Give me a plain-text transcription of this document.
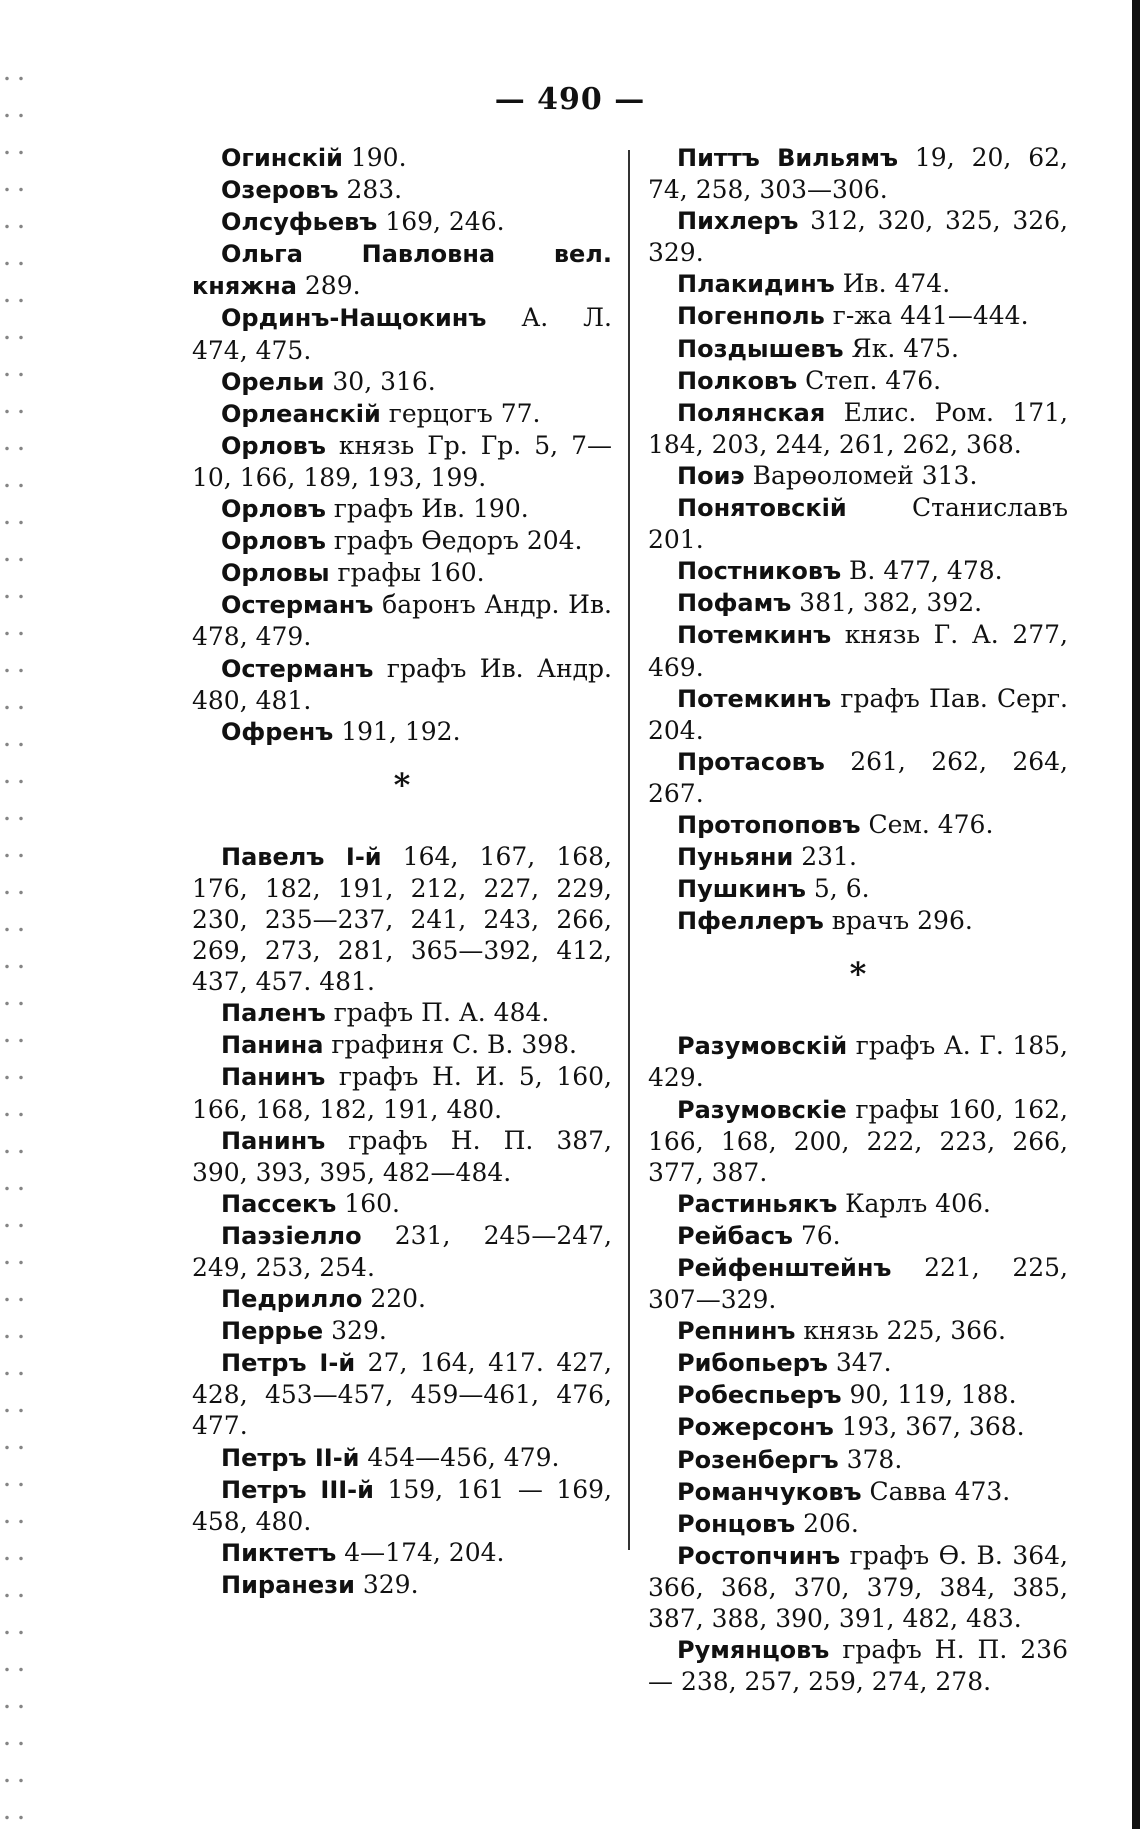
— 490 —
Огинскій 190.
Озеровъ 283.
Олсуфьевъ 169, 246.
Ольга Павловна вел. княжна 289.
Ординъ-Нащокинъ А. Л. 474, 475.
Орельи 30, 316.
Орлеанскій герцогъ 77.
Орловъ князь Гр. Гр. 5, 7—10, 166, 189, 193, 199.
Орловъ графъ Ив. 190.
Орловъ графъ Өедоръ 204.
Орловы графы 160.
Остерманъ баронъ Андр. Ив. 478, 479.
Остерманъ графъ Ив. Андр. 480, 481.
Офренъ 191, 192.
*
Павелъ I-й 164, 167, 168, 176, 182, 191, 212, 227, 229, 230, 235—237, 241, 243, 266, 269, 273, 281, 365—392, 412, 437, 457. 481.
Паленъ графъ П. А. 484.
Панина графиня С. В. 398.
Панинъ графъ Н. И. 5, 160, 166, 168, 182, 191, 480.
Панинъ графъ Н. П. 387, 390, 393, 395, 482—484.
Пассекъ 160.
Паэзіелло 231, 245—247, 249, 253, 254.
Педрилло 220.
Перрье 329.
Петръ I-й 27, 164, 417. 427, 428, 453—457, 459—461, 476, 477.
Петръ II-й 454—456, 479.
Петръ III-й 159, 161 — 169, 458, 480.
Пиктетъ 4—174, 204.
Пиранези 329.
Питтъ Вильямъ 19, 20, 62, 74, 258, 303—306.
Пихлеръ 312, 320, 325, 326, 329.
Плакидинъ Ив. 474.
Погенполь г-жа 441—444.
Поздышевъ Як. 475.
Полковъ Степ. 476.
Полянская Елис. Ром. 171, 184, 203, 244, 261, 262, 368.
Поиэ Варөоломей 313.
Понятовскій Станиславъ 201.
Постниковъ В. 477, 478.
Пофамъ 381, 382, 392.
Потемкинъ князь Г. А. 277, 469.
Потемкинъ графъ Пав. Серг. 204.
Протасовъ 261, 262, 264, 267.
Протопоповъ Сем. 476.
Пуньяни 231.
Пушкинъ 5, 6.
Пфеллеръ врачъ 296.
*
Разумовскій графъ А. Г. 185, 429.
Разумовскіе графы 160, 162, 166, 168, 200, 222, 223, 266, 377, 387.
Растиньякъ Карлъ 406.
Рейбасъ 76.
Рейфенштейнъ 221, 225, 307—329.
Репнинъ князь 225, 366.
Рибопьеръ 347.
Робеспьеръ 90, 119, 188.
Рожерсонъ 193, 367, 368.
Розенбергъ 378.
Романчуковъ Савва 473.
Ронцовъ 206.
Ростопчинъ графъ Ө. В. 364, 366, 368, 370, 379, 384, 385, 387, 388, 390, 391, 482, 483.
Румянцовъ графъ Н. П. 236 — 238, 257, 259, 274, 278.
